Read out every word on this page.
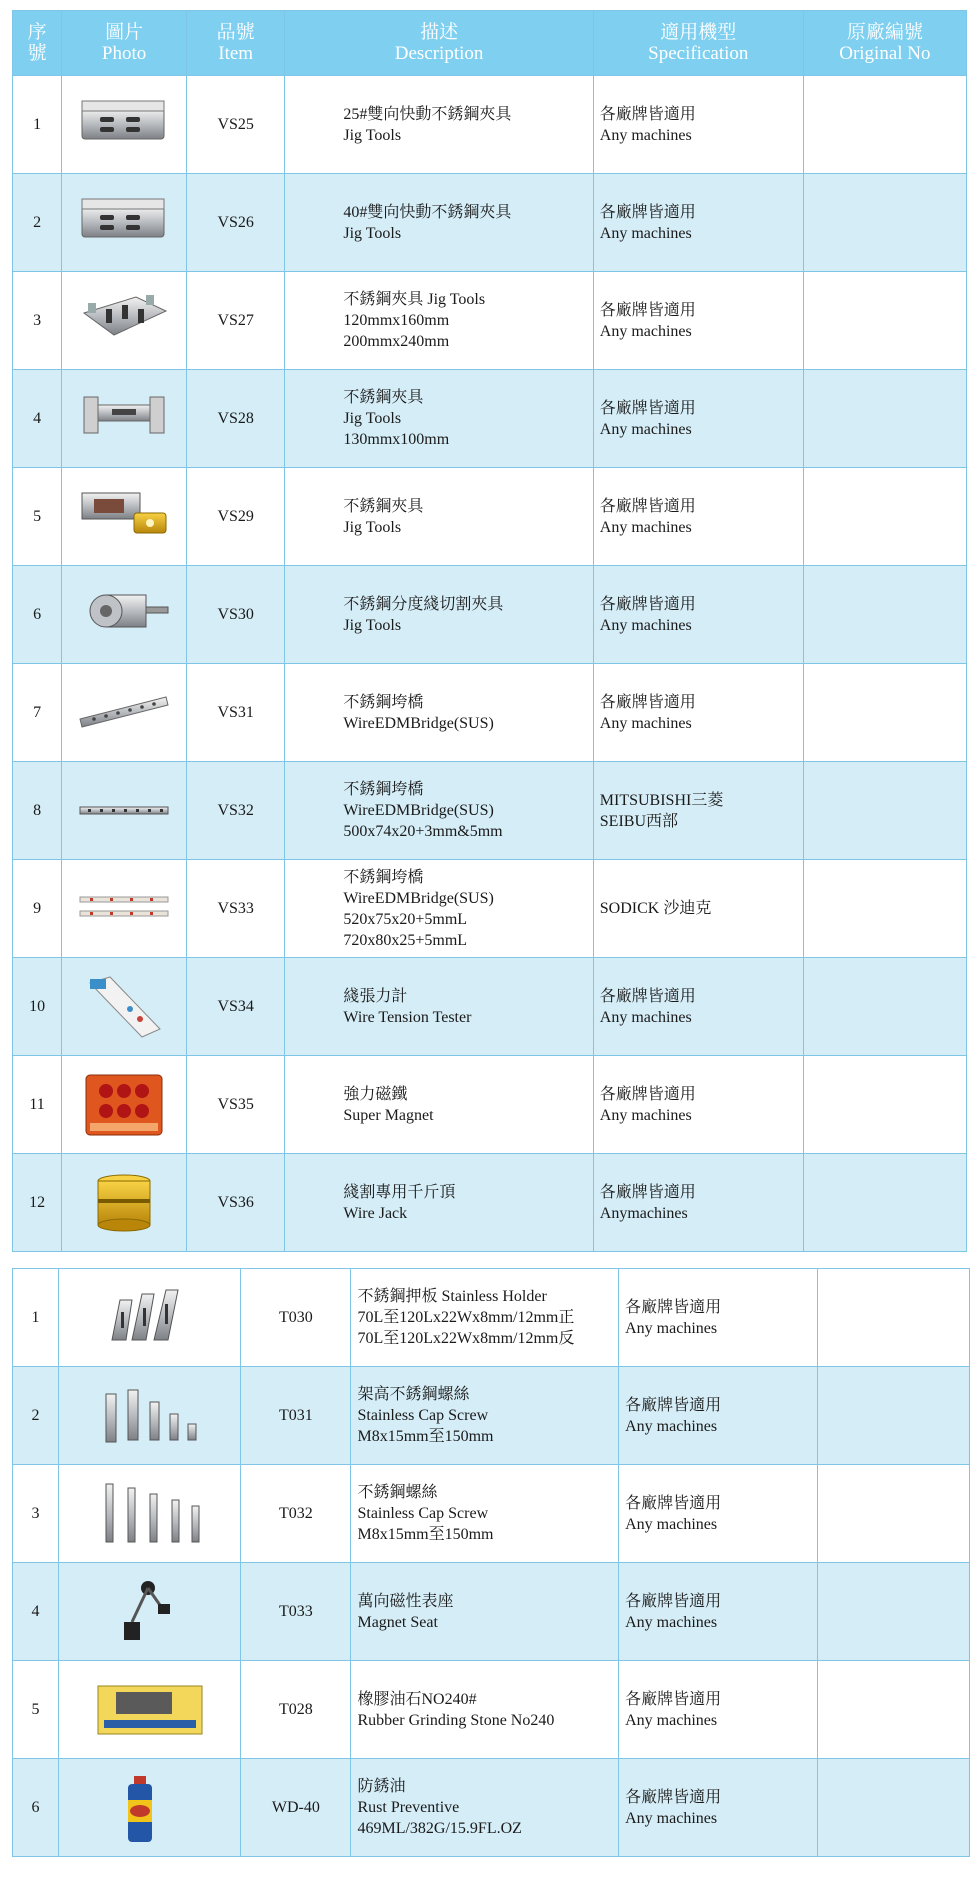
序
號	圖片
Photo	品號
Item	描述
Description	適用機型
Specification	原廠編號
Original No

1		VS25	25#雙向快動不銹鋼夾具
Jig Tools	各廠牌皆適用
Any machines	

2		VS26	40#雙向快動不銹鋼夾具
Jig Tools	各廠牌皆適用
Any machines	

3		VS27	不銹鋼夾具 Jig Tools
120mmx160mm
200mmx240mm	各廠牌皆適用
Any machines	

4		VS28	不銹鋼夾具
Jig Tools
130mmx100mm	各廠牌皆適用
Any machines	

5		VS29	不銹鋼夾具
Jig Tools	各廠牌皆適用
Any machines	

6		VS30	不銹鋼分度綫切割夾具
Jig Tools	各廠牌皆適用
Any machines	

7		VS31	不銹鋼垮橋
WireEDMBridge(SUS)	各廠牌皆適用
Any machines	

8		VS32	不銹鋼垮橋
WireEDMBridge(SUS)
500x74x20+3mm&5mm	MITSUBISHI三菱
SEIBU西部	

9		VS33	不銹鋼垮橋
WireEDMBridge(SUS)
520x75x20+5mmL
720x80x25+5mmL	SODICK 沙迪克	

10		VS34	綫張力計
Wire Tension Tester	各廠牌皆適用
Any machines	

11		VS35	強力磁鐵
Super Magnet	各廠牌皆適用
Any machines	

12		VS36	綫割專用千斤頂
Wire Jack	各廠牌皆適用
Anymachines	

1		T030	不銹鋼押板 Stainless Holder
70L至120Lx22Wx8mm/12mm正
70L至120Lx22Wx8mm/12mm反	各廠牌皆適用
Any machines	

2		T031	架高不銹鋼螺絲
Stainless Cap Screw
M8x15mm至150mm	各廠牌皆適用
Any machines	

3		T032	不銹鋼螺絲
Stainless Cap Screw
M8x15mm至150mm	各廠牌皆適用
Any machines	

4		T033	萬向磁性表座
Magnet Seat	各廠牌皆適用
Any machines	

5		T028	橡膠油石NO240#
Rubber Grinding Stone No240	各廠牌皆適用
Any machines	

6		WD-40	防銹油
Rust Preventive
469ML/382G/15.9FL.OZ	各廠牌皆適用
Any machines	
